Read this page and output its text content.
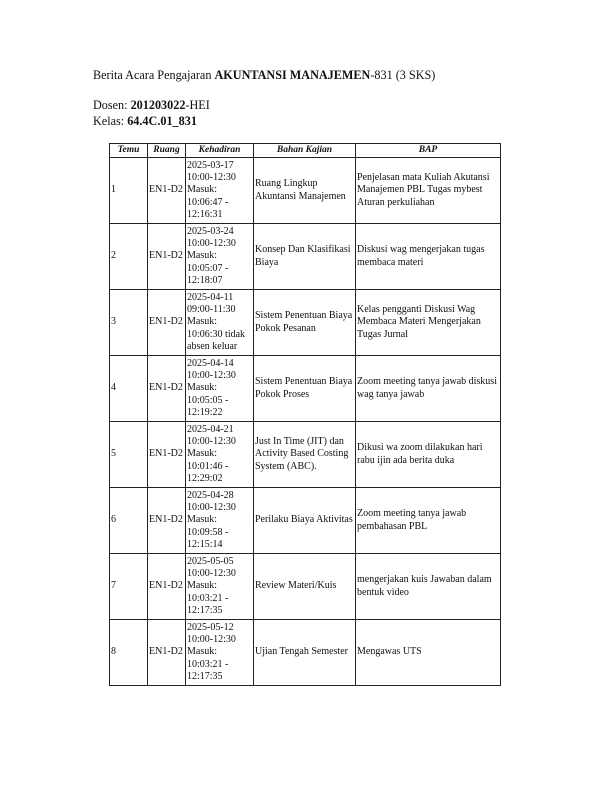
Berita Acara Pengajaran AKUNTANSI MANAJEMEN-831 (3 SKS)
Dosen: 201203022-HEI
Kelas: 64.4C.01_831
Temu	Ruang	Kehadiran	Bahan Kajian	BAP
1	EN1-D2	2025-03-17
10:00-12:30
Masuk:
10:06:47 - 12:16:31	Ruang Lingkup Akuntansi Manajemen	Penjelasan mata Kuliah Akutansi Manajemen PBL Tugas mybest Aturan perkuliahan
2	EN1-D2	2025-03-24
10:00-12:30
Masuk:
10:05:07 - 12:18:07	Konsep Dan Klasifikasi Biaya	Diskusi wag mengerjakan tugas membaca materi
3	EN1-D2	2025-04-11
09:00-11:30
Masuk:
10:06:30 tidak absen keluar	Sistem Penentuan Biaya Pokok Pesanan	Kelas pengganti Diskusi Wag Membaca Materi Mengerjakan Tugas Jurnal
4	EN1-D2	2025-04-14
10:00-12:30
Masuk:
10:05:05 - 12:19:22	Sistem Penentuan Biaya Pokok Proses	Zoom meeting tanya jawab diskusi wag tanya jawab
5	EN1-D2	2025-04-21
10:00-12:30
Masuk:
10:01:46 - 12:29:02	Just In Time (JIT) dan Activity Based Costing System (ABC).	Dikusi wa zoom dilakukan hari rabu ijin ada berita duka
6	EN1-D2	2025-04-28
10:00-12:30
Masuk:
10:09:58 - 12:15:14	Perilaku Biaya Aktivitas	Zoom meeting tanya jawab pembahasan PBL
7	EN1-D2	2025-05-05
10:00-12:30
Masuk:
10:03:21 - 12:17:35	Review Materi/Kuis	mengerjakan kuis Jawaban dalam bentuk video
8	EN1-D2	2025-05-12
10:00-12:30
Masuk:
10:03:21 - 12:17:35	Ujian Tengah Semester	Mengawas UTS
